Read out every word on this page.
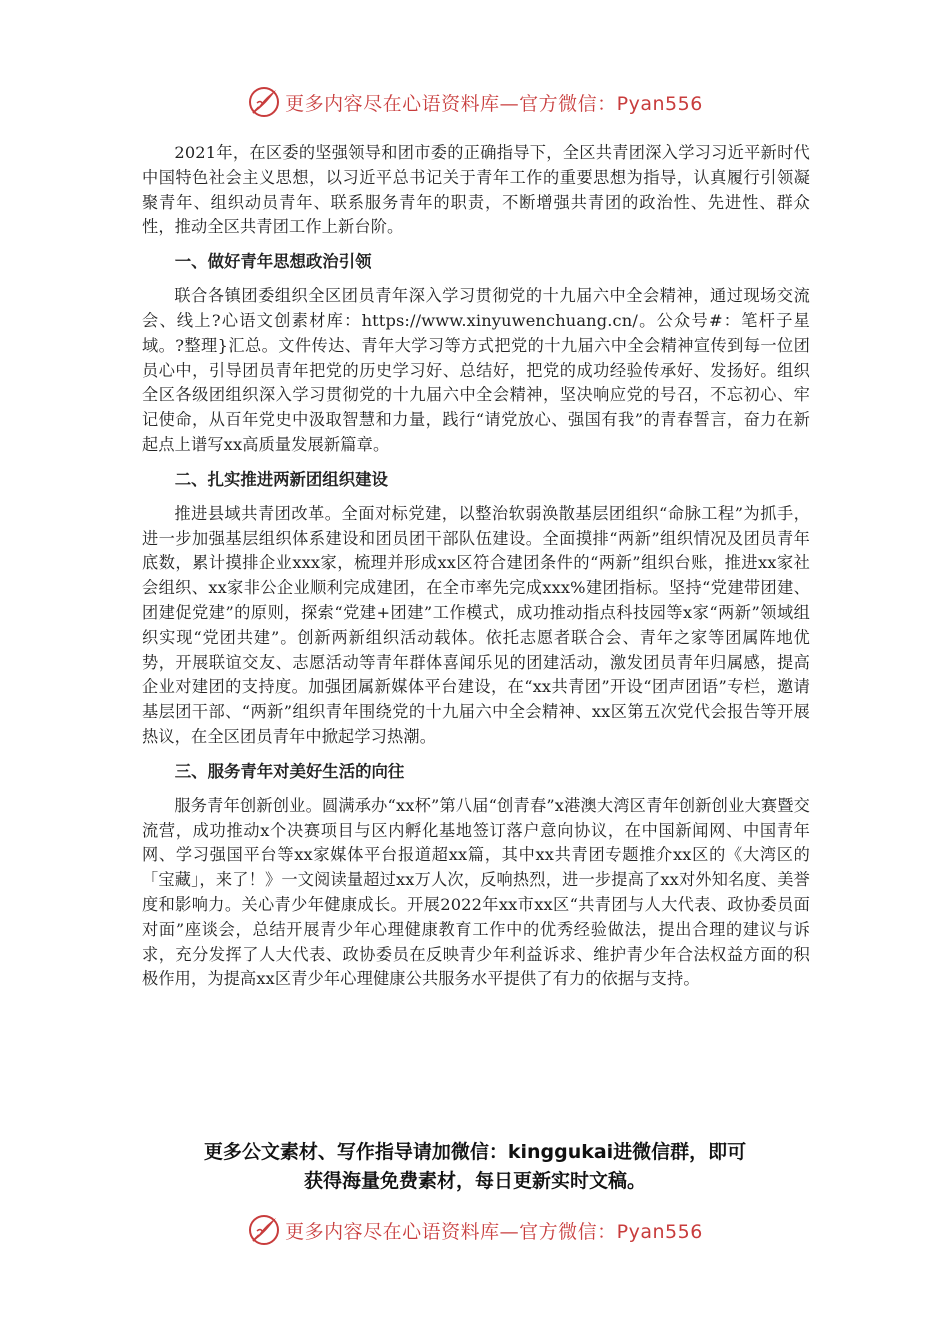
更多内容尽在心语资料库—官方微信：Pyan556

2021年，在区委的坚强领导和团市委的正确指导下，全区共青团深入学习习近平新时代中国特色社会主义思想，以习近平总书记关于青年工作的重要思想为指导，认真履行引领凝聚青年、组织动员青年、联系服务青年的职责，不断增强共青团的政治性、先进性、群众性，推动全区共青团工作上新台阶。

一、做好青年思想政治引领

联合各镇团委组织全区团员青年深入学习贯彻党的十九届六中全会精神，通过现场交流会、线上?心语文创素材库：https://www.xinyuwenchuang.cn/。公众号#：笔杆子星域。?整理}汇总。文件传达、青年大学习等方式把党的十九届六中全会精神宣传到每一位团员心中，引导团员青年把党的历史学习好、总结好，把党的成功经验传承好、发扬好。组织全区各级团组织深入学习贯彻党的十九届六中全会精神，坚决响应党的号召，不忘初心、牢记使命，从百年党史中汲取智慧和力量，践行“请党放心、强国有我”的青春誓言，奋力在新起点上谱写xx高质量发展新篇章。

二、扎实推进两新团组织建设

推进县域共青团改革。全面对标党建，以整治软弱涣散基层团组织“命脉工程”为抓手，进一步加强基层组织体系建设和团员团干部队伍建设。全面摸排“两新”组织情况及团员青年底数，累计摸排企业xxx家，梳理并形成xx区符合建团条件的“两新”组织台账，推进xx家社会组织、xx家非公企业顺利完成建团，在全市率先完成xxx%建团指标。坚持“党建带团建、团建促党建”的原则，探索“党建+团建”工作模式，成功推动指点科技园等x家“两新”领域组织实现“党团共建”。创新两新组织活动载体。依托志愿者联合会、青年之家等团属阵地优势，开展联谊交友、志愿活动等青年群体喜闻乐见的团建活动，激发团员青年归属感，提高企业对建团的支持度。加强团属新媒体平台建设，在“xx共青团”开设“团声团语”专栏，邀请基层团干部、“两新”组织青年围绕党的十九届六中全会精神、xx区第五次党代会报告等开展热议，在全区团员青年中掀起学习热潮。

三、服务青年对美好生活的向往

服务青年创新创业。圆满承办“xx杯”第八届“创青春”x港澳大湾区青年创新创业大赛暨交流营，成功推动x个决赛项目与区内孵化基地签订落户意向协议，在中国新闻网、中国青年网、学习强国平台等xx家媒体平台报道超xx篇，其中xx共青团专题推介xx区的《大湾区的「宝藏」，来了！》一文阅读量超过xx万人次，反响热烈，进一步提高了xx对外知名度、美誉度和影响力。关心青少年健康成长。开展2022年xx市xx区“共青团与人大代表、政协委员面对面”座谈会，总结开展青少年心理健康教育工作中的优秀经验做法，提出合理的建议与诉求，充分发挥了人大代表、政协委员在反映青少年利益诉求、维护青少年合法权益方面的积极作用，为提高xx区青少年心理健康公共服务水平提供了有力的依据与支持。

更多公文素材、写作指导请加微信：kinggukai进微信群，即可
获得海量免费素材，每日更新实时文稿。
更多内容尽在心语资料库—官方微信：Pyan556
